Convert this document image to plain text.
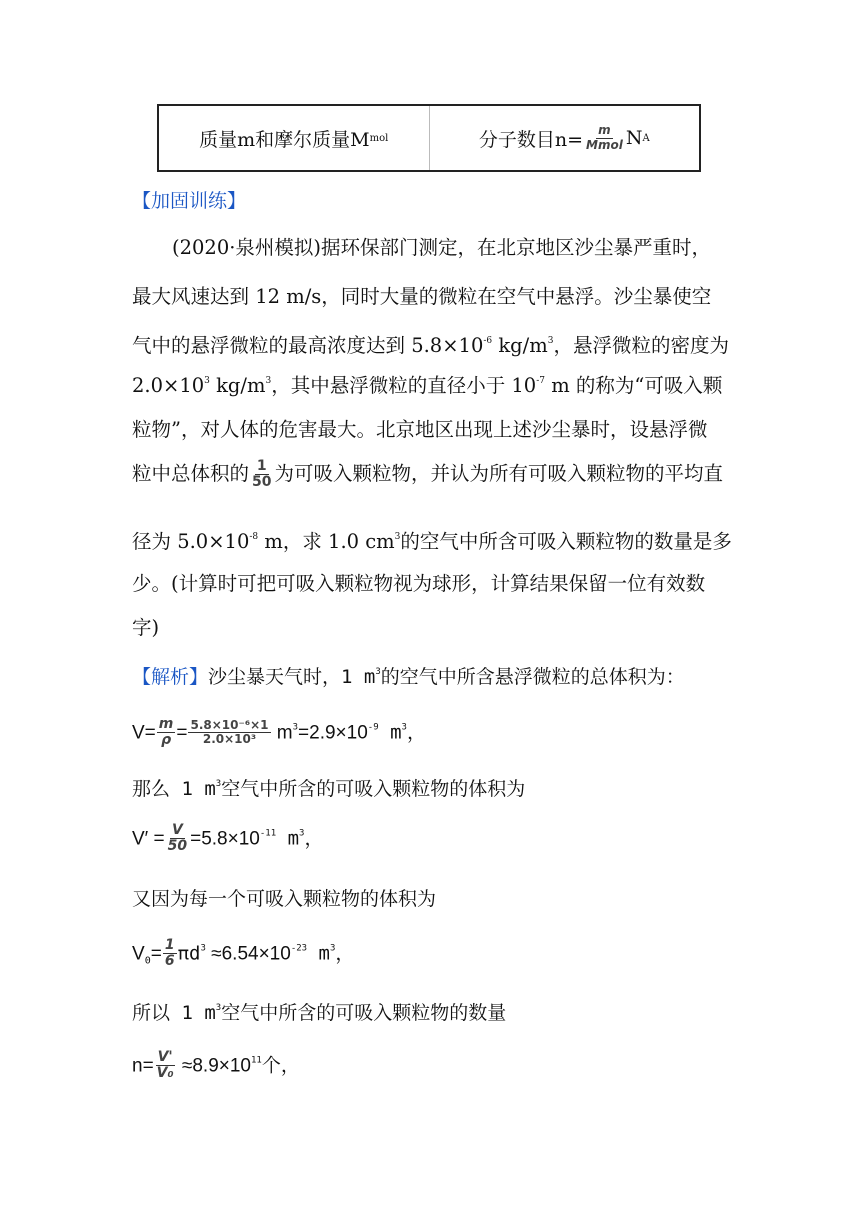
质量m和摩尔质量M mol	分子数目$n= \frac{m}{\text{Mmol}}$ N A
【加固训练】
(2020·泉州模拟)据环保部门测定，在北京地区沙尘暴严重时，
最大风速达到 12 m/s，同时大量的微粒在空气中悬浮。沙尘暴使空
气中的悬浮微粒的最高浓度达到 $5.8\times 10^{-6}$ $kg/m^3$，悬浮微粒的密度为
$2.0\times 10^3$ $kg/m^3$，其中悬浮微粒的直径小于 $10^{-7}$ m 的称为“可吸入颗
粒物”，对人体的危害最大。北京地区出现上述沙尘暴时，设悬浮微
粒中总体积的 $\frac{1}{50}$ 为可吸入颗粒物，并认为所有可吸入颗粒物的平均直
径为 $5.0\times 10^{-8}$ m，求 1.0 $cm^3$的空气中所含可吸入颗粒物的数量是多
少。(计算时可把可吸入颗粒物视为球形，计算结果保留一位有效数
字)
【解析】沙尘暴天气时，1 $m^3$的空气中所含悬浮微粒的总体积为：
$V= \frac{m}{\rho} = \frac{\text{5.8×10⁻⁶×1}}{\text{2.0×10³}} m^3=2.9\times 10^{-9}$ $m^3$，
那么 1 $m^3$空气中所含的可吸入颗粒物的体积为
$V' = \frac{V}{50} =5.8\times 10^{-11}$ $m^3$，
又因为每一个可吸入颗粒物的体积为
$V_0= \frac{1}{6} \pi d^3 \approx 6.54\times 10^{-23}$ $m^3$，
所以 1 $m^3$空气中所含的可吸入颗粒物的数量
$n= \frac{V'}{\text{V₀}} \approx 8.9\times 10^{11}$个，
